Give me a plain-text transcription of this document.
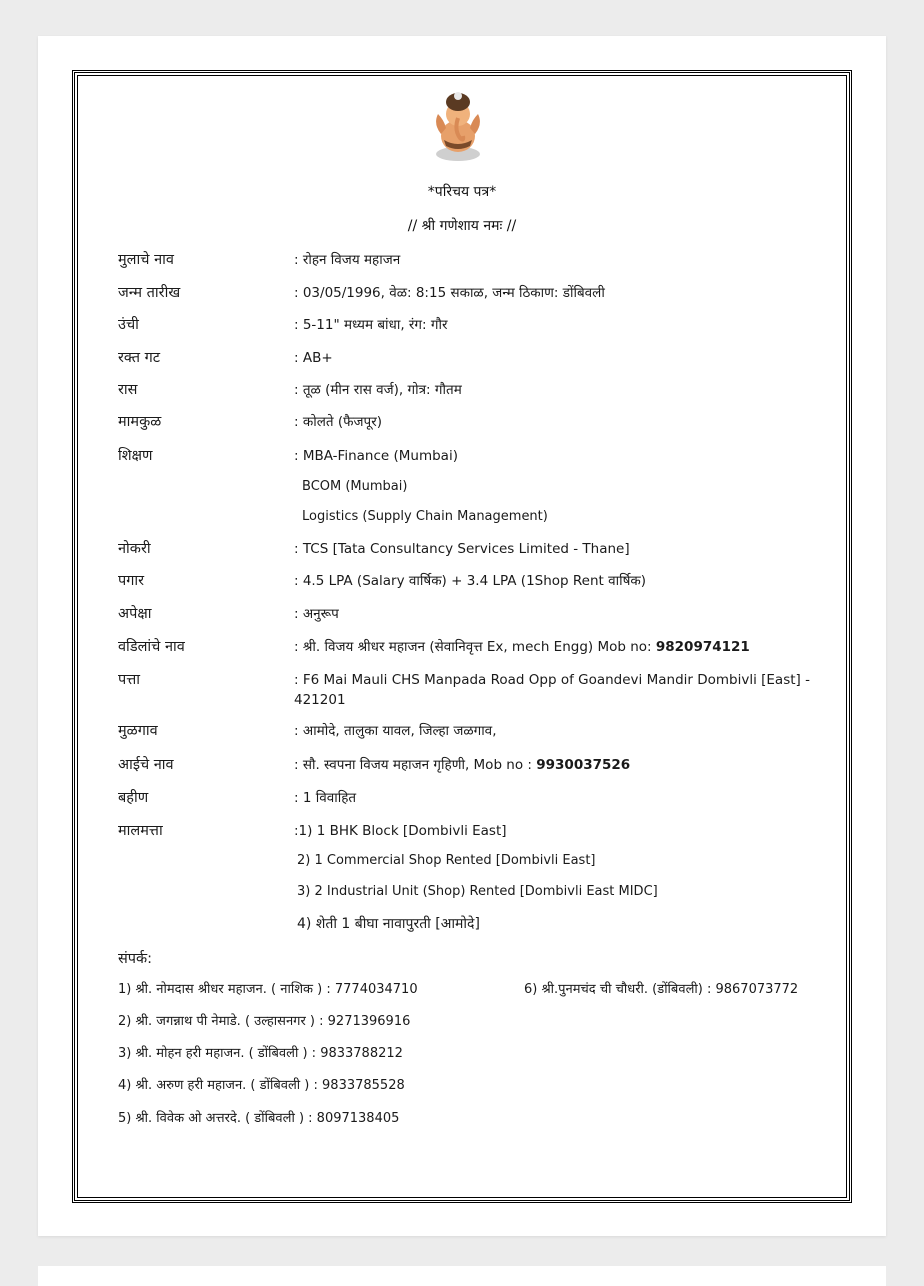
*परिचय पत्र*
// श्री गणेशाय नमः //
मुलाचे नाव	: रोहन विजय महाजन
जन्म तारीख	: 03/05/1996, वेळ: 8:15 सकाळ, जन्म ठिकाण: डोंबिवली
उंची	: 5-11" मध्यम बांधा, रंग: गौर
रक्त गट	: AB+
रास	: तूळ (मीन रास वर्ज), गोत्र: गौतम
मामकुळ	: कोलते (फैजपूर)
शिक्षण	: MBA-Finance (Mumbai)
BCOM (Mumbai)
Logistics (Supply Chain Management)
नोकरी	: TCS [Tata Consultancy Services Limited - Thane]
पगार	: 4.5 LPA (Salary वार्षिक) + 3.4 LPA (1Shop Rent वार्षिक)
अपेक्षा	: अनुरूप
वडिलांचे नाव	: श्री. विजय श्रीधर महाजन (सेवानिवृत्त Ex, mech Engg) Mob no: 9820974121
पत्ता	: F6 Mai Mauli CHS Manpada Road Opp of Goandevi Mandir Dombivli [East] - 421201
मुळगाव	: आमोदे, तालुका यावल, जिल्हा जळगाव,
आईचे नाव	: सौ. स्वपना विजय महाजन गृहिणी, Mob no : 9930037526
बहीण	: 1 विवाहित
मालमत्ता	:1) 1 BHK Block [Dombivli East]
2) 1 Commercial Shop Rented [Dombivli East]
3) 2 Industrial Unit (Shop) Rented [Dombivli East MIDC]
4) शेती 1 बीघा नावापुरती [आमोदे]
संपर्क:
1) श्री. नोमदास श्रीधर महाजन. ( नाशिक ) : 7774034710
2) श्री. जगन्नाथ पी नेमाडे. ( उल्हासनगर ) : 9271396916
3) श्री. मोहन हरी महाजन. ( डोंबिवली ) : 9833788212
4) श्री. अरुण हरी महाजन. ( डोंबिवली ) : 9833785528
5) श्री. विवेक ओ अत्तरदे. ( डोंबिवली ) : 8097138405
6) श्री.पुनमचंद ची चौधरी. (डोंबिवली) : 9867073772
